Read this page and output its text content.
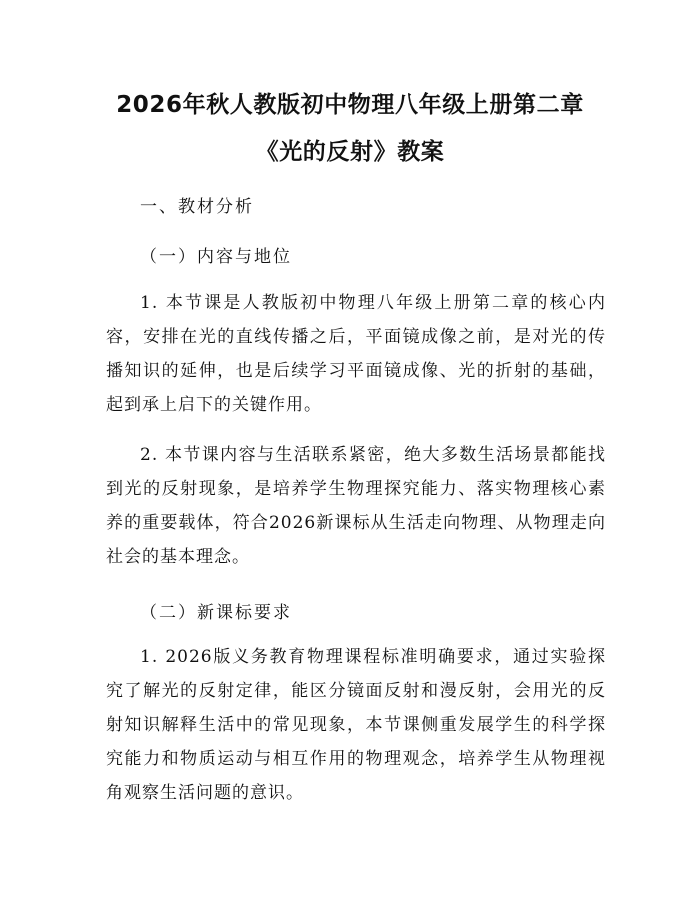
2026年秋人教版初中物理八年级上册第二章
《光的反射》教案
一、教材分析
（一）内容与地位
1. 本节课是人教版初中物理八年级上册第二章的核心内容，安排在光的直线传播之后，平面镜成像之前，是对光的传播知识的延伸，也是后续学习平面镜成像、光的折射的基础，起到承上启下的关键作用。
2. 本节课内容与生活联系紧密，绝大多数生活场景都能找到光的反射现象，是培养学生物理探究能力、落实物理核心素养的重要载体，符合2026新课标从生活走向物理、从物理走向社会的基本理念。
（二）新课标要求
1. 2026版义务教育物理课程标准明确要求，通过实验探究了解光的反射定律，能区分镜面反射和漫反射，会用光的反射知识解释生活中的常见现象，本节课侧重发展学生的科学探究能力和物质运动与相互作用的物理观念，培养学生从物理视角观察生活问题的意识。
